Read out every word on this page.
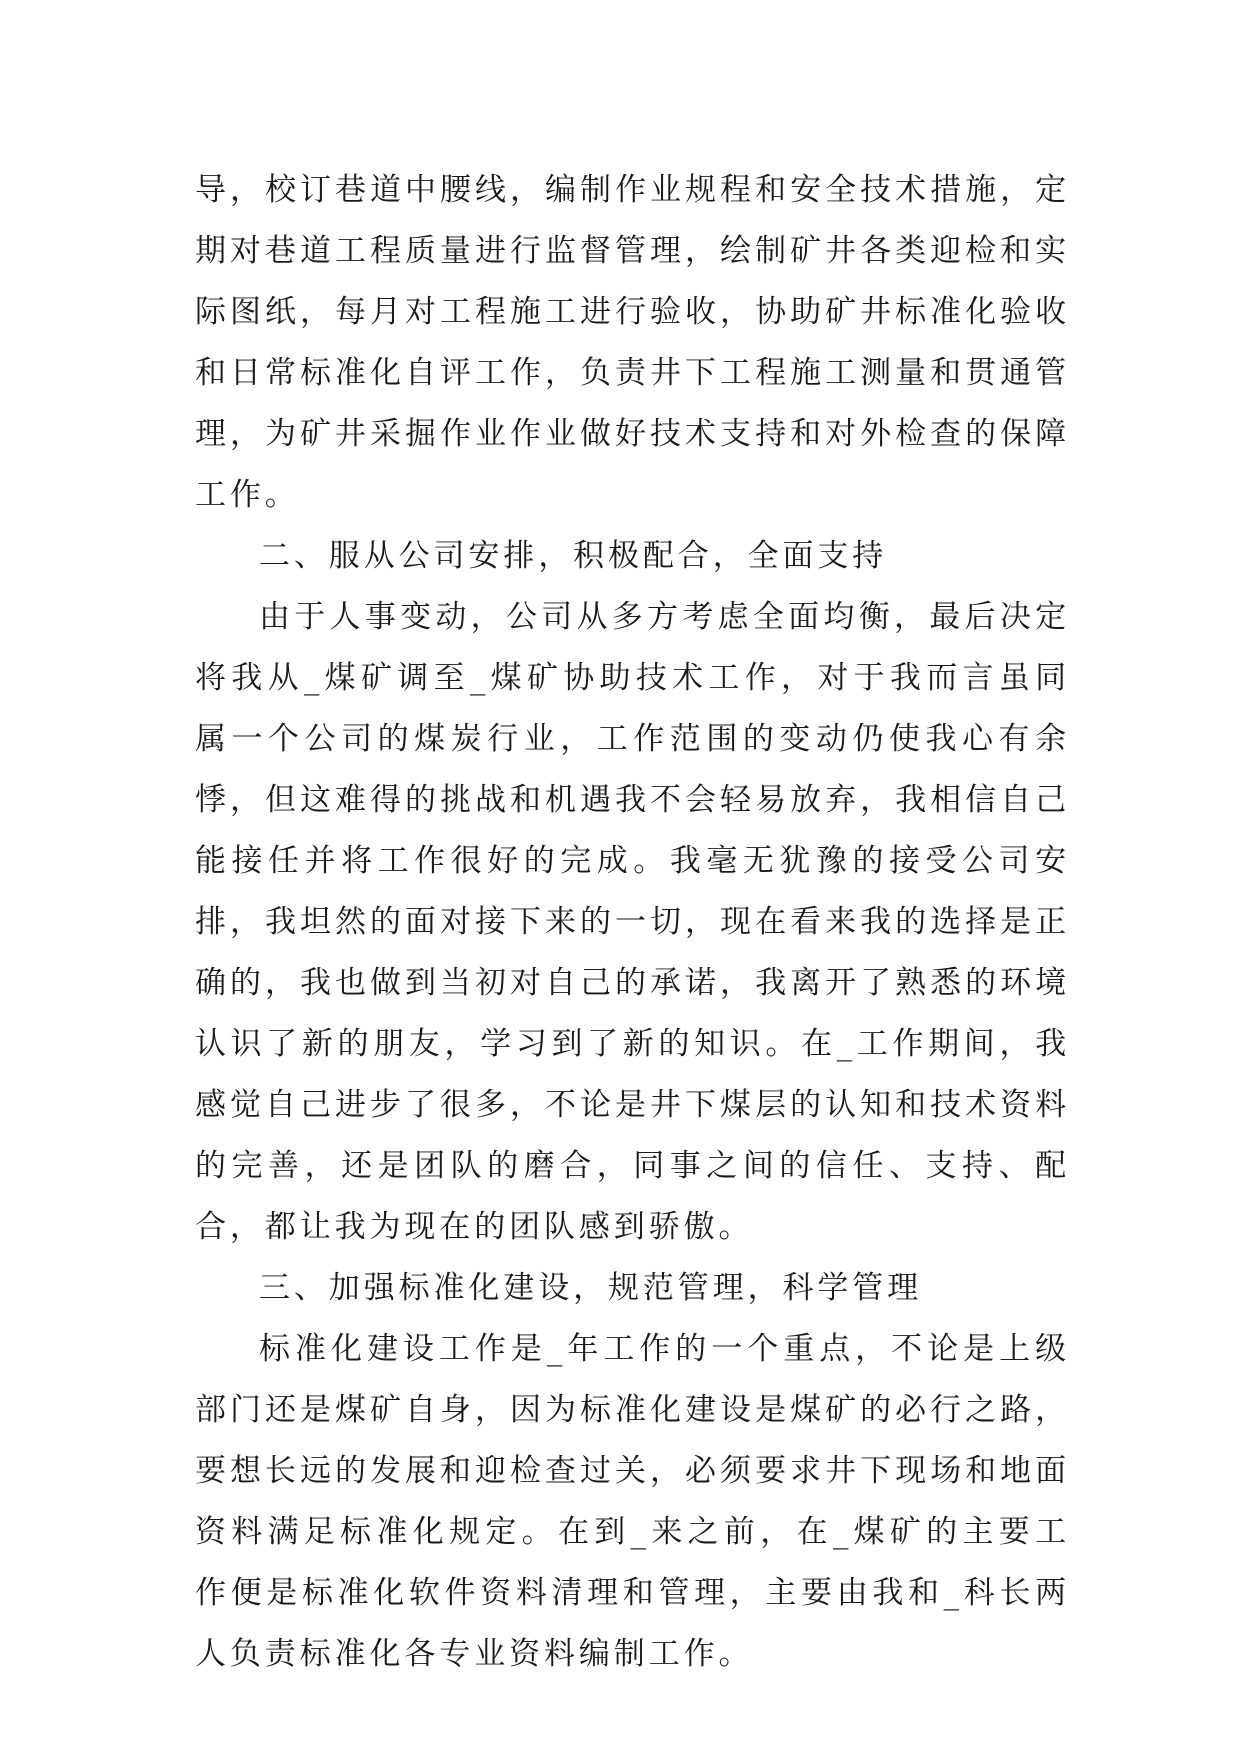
导，校订巷道中腰线，编制作业规程和安全技术措施，定期对巷道工程质量进行监督管理，绘制矿井各类迎检和实际图纸，每月对工程施工进行验收，协助矿井标准化验收和日常标准化自评工作，负责井下工程施工测量和贯通管理，为矿井采掘作业作业做好技术支持和对外检查的保障工作。

二、服从公司安排，积极配合，全面支持

由于人事变动，公司从多方考虑全面均衡，最后决定将我从_煤矿调至_煤矿协助技术工作，对于我而言虽同属一个公司的煤炭行业，工作范围的变动仍使我心有余悸，但这难得的挑战和机遇我不会轻易放弃，我相信自己能接任并将工作很好的完成。我毫无犹豫的接受公司安排，我坦然的面对接下来的一切，现在看来我的选择是正确的，我也做到当初对自己的承诺，我离开了熟悉的环境认识了新的朋友，学习到了新的知识。在_工作期间，我感觉自己进步了很多，不论是井下煤层的认知和技术资料的完善，还是团队的磨合，同事之间的信任、支持、配合，都让我为现在的团队感到骄傲。

三、加强标准化建设，规范管理，科学管理

标准化建设工作是_年工作的一个重点，不论是上级部门还是煤矿自身，因为标准化建设是煤矿的必行之路，要想长远的发展和迎检查过关，必须要求井下现场和地面资料满足标准化规定。在到_来之前，在_煤矿的主要工作便是标准化软件资料清理和管理，主要由我和_科长两人负责标准化各专业资料编制工作。
